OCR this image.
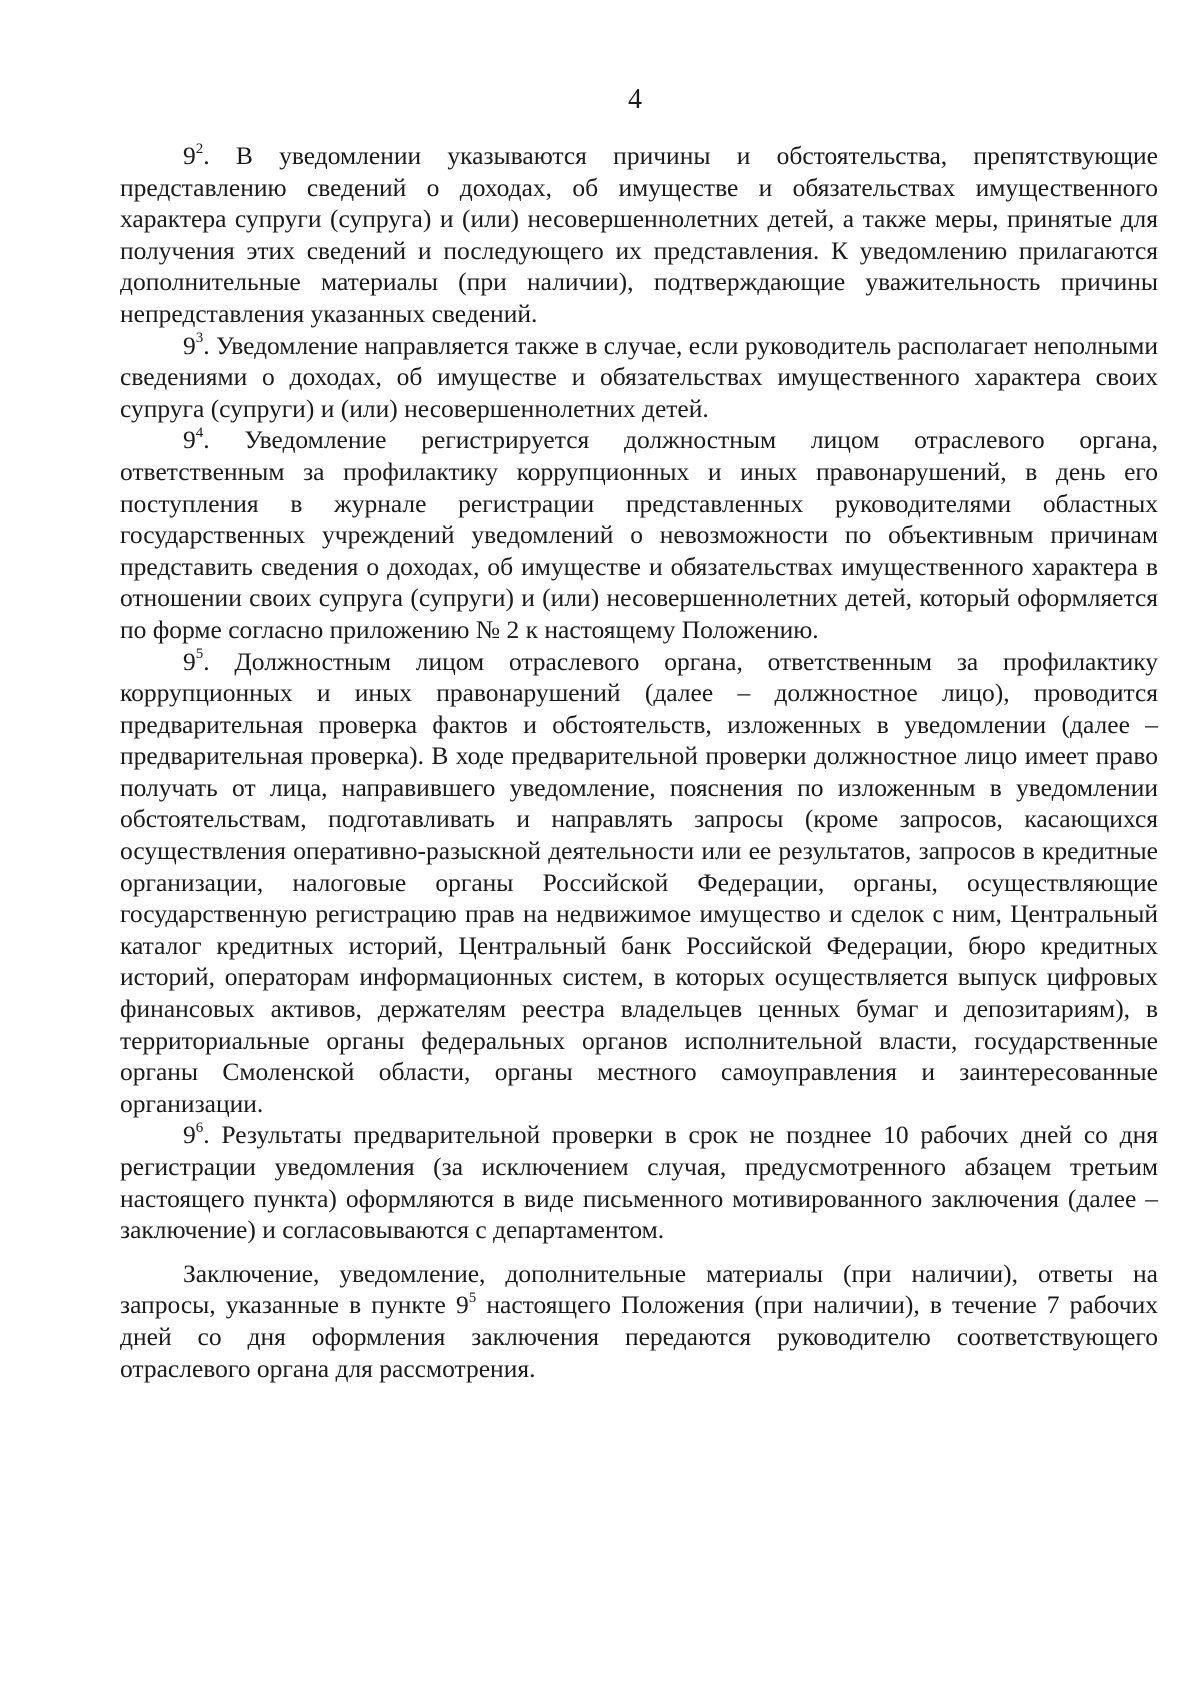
4

$9^2$. В уведомлении указываются причины и обстоятельства, препятствующие представлению сведений о доходах, об имуществе и обязательствах имущественного характера супруги (супруга) и (или) несовершеннолетних детей, а также меры, принятые для получения этих сведений и последующего их представления. К уведомлению прилагаются дополнительные материалы (при наличии), подтверждающие уважительность причины непредставления указанных сведений.

$9^3$. Уведомление направляется также в случае, если руководитель располагает неполными сведениями о доходах, об имуществе и обязательствах имущественного характера своих супруга (супруги) и (или) несовершеннолетних детей.

$9^4$. Уведомление регистрируется должностным лицом отраслевого органа, ответственным за профилактику коррупционных и иных правонарушений, в день его поступления в журнале регистрации представленных руководителями областных государственных учреждений уведомлений о невозможности по объективным причинам представить сведения о доходах, об имуществе и обязательствах имущественного характера в отношении своих супруга (супруги) и (или) несовершеннолетних детей, который оформляется по форме согласно приложению № 2 к настоящему Положению.

$9^5$. Должностным лицом отраслевого органа, ответственным за профилактику коррупционных и иных правонарушений (далее – должностное лицо), проводится предварительная проверка фактов и обстоятельств, изложенных в уведомлении (далее – предварительная проверка). В ходе предварительной проверки должностное лицо имеет право получать от лица, направившего уведомление, пояснения по изложенным в уведомлении обстоятельствам, подготавливать и направлять запросы (кроме запросов, касающихся осуществления оперативно-разыскной деятельности или ее результатов, запросов в кредитные организации, налоговые органы Российской Федерации, органы, осуществляющие государственную регистрацию прав на недвижимое имущество и сделок с ним, Центральный каталог кредитных историй, Центральный банк Российской Федерации, бюро кредитных историй, операторам информационных систем, в которых осуществляется выпуск цифровых финансовых активов, держателям реестра владельцев ценных бумаг и депозитариям), в территориальные органы федеральных органов исполнительной власти, государственные органы Смоленской области, органы местного самоуправления и заинтересованные организации.

$9^6$. Результаты предварительной проверки в срок не позднее 10 рабочих дней со дня регистрации уведомления (за исключением случая, предусмотренного абзацем третьим настоящего пункта) оформляются в виде письменного мотивированного заключения (далее – заключение) и согласовываются с департаментом.

Заключение, уведомление, дополнительные материалы (при наличии), ответы на запросы, указанные в пункте $9^5$ настоящего Положения (при наличии), в течение 7 рабочих дней со дня оформления заключения передаются руководителю соответствующего отраслевого органа для рассмотрения.
